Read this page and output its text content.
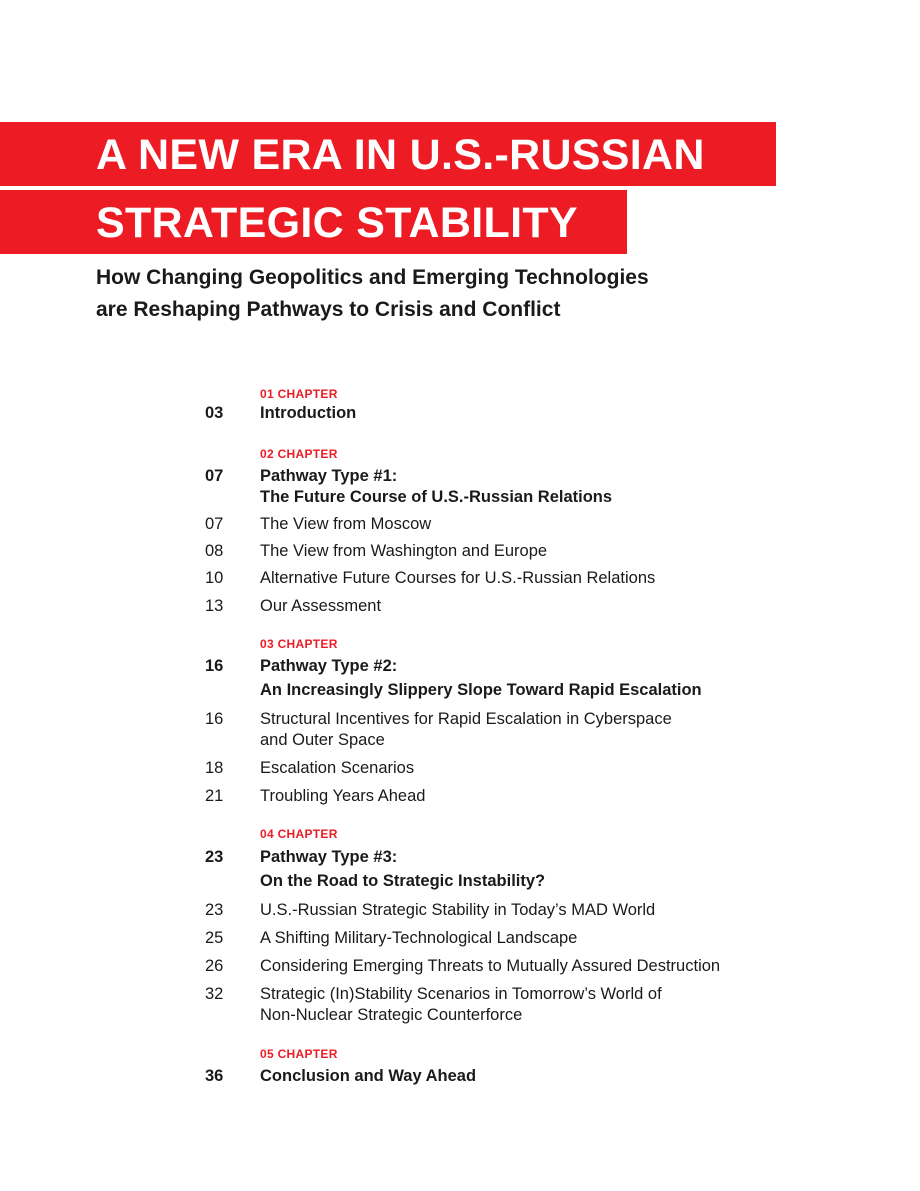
A NEW ERA IN U.S.-RUSSIAN
STRATEGIC STABILITY
How Changing Geopolitics and Emerging Technologies
are Reshaping Pathways to Crisis and Conflict
01 CHAPTER
03	Introduction
02 CHAPTER
07	Pathway Type #1:
The Future Course of U.S.-Russian Relations
07	The View from Moscow
08	The View from Washington and Europe
10	Alternative Future Courses for U.S.-Russian Relations
13	Our Assessment
03 CHAPTER
16	Pathway Type #2:
An Increasingly Slippery Slope Toward Rapid Escalation
16	Structural Incentives for Rapid Escalation in Cyberspace
and Outer Space
18	Escalation Scenarios
21	Troubling Years Ahead
04 CHAPTER
23	Pathway Type #3:
On the Road to Strategic Instability?
23	U.S.-Russian Strategic Stability in Today’s MAD World
25	A Shifting Military-Technological Landscape
26	Considering Emerging Threats to Mutually Assured Destruction
32	Strategic (In)Stability Scenarios in Tomorrow’s World of
Non-Nuclear Strategic Counterforce
05 CHAPTER
36	Conclusion and Way Ahead
